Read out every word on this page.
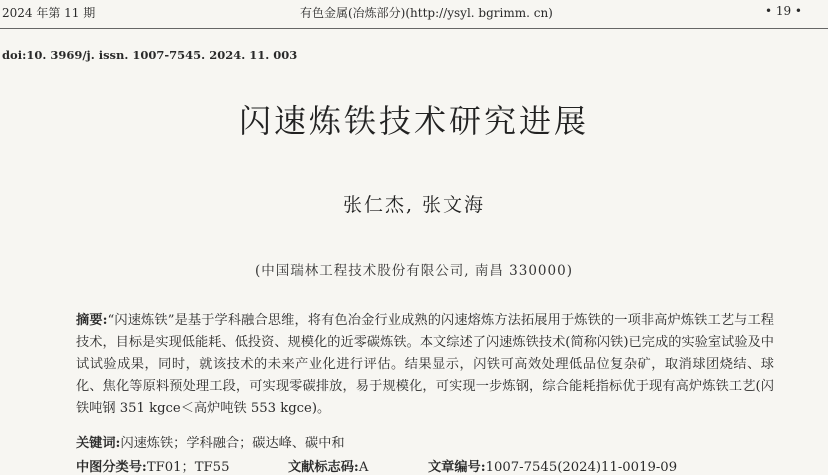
2024 年第 11 期	有色金属(冶炼部分)(http://ysyl. bgrimm. cn)	• 19 •
doi:10. 3969/j. issn. 1007-7545. 2024. 11. 003
闪速炼铁技术研究进展
张仁杰, 张文海
(中国瑞林工程技术股份有限公司, 南昌 330000)
摘要:“闪速炼铁”是基于学科融合思维，将有色冶金行业成熟的闪速熔炼方法拓展用于炼铁的一项非高炉炼铁工艺与工程技术，目标是实现低能耗、低投资、规模化的近零碳炼铁。本文综述了闪速炼铁技术(简称闪铁)已完成的实验室试验及中试试验成果，同时，就该技术的未来产业化进行评估。结果显示，闪铁可高效处理低品位复杂矿，取消球团烧结、球化、焦化等原料预处理工段，可实现零碳排放，易于规模化，可实现一步炼钢，综合能耗指标优于现有高炉炼铁工艺(闪铁吨钢 351 kgce＜高炉吨铁 553 kgce)。
关键词:闪速炼铁；学科融合；碳达峰、碳中和
中图分类号:TF01；TF55	文献标志码:A	文章编号:1007-7545(2024)11-0019-09
